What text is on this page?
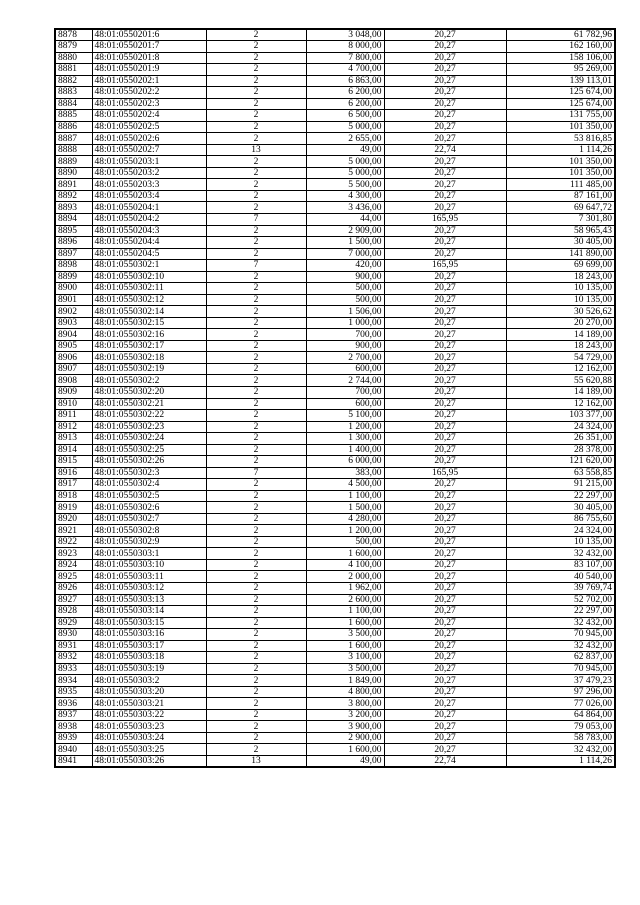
8878	48:01:0550201:6	2	3 048,00	20,27	61 782,96
8879	48:01:0550201:7	2	8 000,00	20,27	162 160,00
8880	48:01:0550201:8	2	7 800,00	20,27	158 106,00
8881	48:01:0550201:9	2	4 700,00	20,27	95 269,00
8882	48:01:0550202:1	2	6 863,00	20,27	139 113,01
8883	48:01:0550202:2	2	6 200,00	20,27	125 674,00
8884	48:01:0550202:3	2	6 200,00	20,27	125 674,00
8885	48:01:0550202:4	2	6 500,00	20,27	131 755,00
8886	48:01:0550202:5	2	5 000,00	20,27	101 350,00
8887	48:01:0550202:6	2	2 655,00	20,27	53 816,85
8888	48:01:0550202:7	13	49,00	22,74	1 114,26
8889	48:01:0550203:1	2	5 000,00	20,27	101 350,00
8890	48:01:0550203:2	2	5 000,00	20,27	101 350,00
8891	48:01:0550203:3	2	5 500,00	20,27	111 485,00
8892	48:01:0550203:4	2	4 300,00	20,27	87 161,00
8893	48:01:0550204:1	2	3 436,00	20,27	69 647,72
8894	48:01:0550204:2	7	44,00	165,95	7 301,80
8895	48:01:0550204:3	2	2 909,00	20,27	58 965,43
8896	48:01:0550204:4	2	1 500,00	20,27	30 405,00
8897	48:01:0550204:5	2	7 000,00	20,27	141 890,00
8898	48:01:0550302:1	7	420,00	165,95	69 699,00
8899	48:01:0550302:10	2	900,00	20,27	18 243,00
8900	48:01:0550302:11	2	500,00	20,27	10 135,00
8901	48:01:0550302:12	2	500,00	20,27	10 135,00
8902	48:01:0550302:14	2	1 506,00	20,27	30 526,62
8903	48:01:0550302:15	2	1 000,00	20,27	20 270,00
8904	48:01:0550302:16	2	700,00	20,27	14 189,00
8905	48:01:0550302:17	2	900,00	20,27	18 243,00
8906	48:01:0550302:18	2	2 700,00	20,27	54 729,00
8907	48:01:0550302:19	2	600,00	20,27	12 162,00
8908	48:01:0550302:2	2	2 744,00	20,27	55 620,88
8909	48:01:0550302:20	2	700,00	20,27	14 189,00
8910	48:01:0550302:21	2	600,00	20,27	12 162,00
8911	48:01:0550302:22	2	5 100,00	20,27	103 377,00
8912	48:01:0550302:23	2	1 200,00	20,27	24 324,00
8913	48:01:0550302:24	2	1 300,00	20,27	26 351,00
8914	48:01:0550302:25	2	1 400,00	20,27	28 378,00
8915	48:01:0550302:26	2	6 000,00	20,27	121 620,00
8916	48:01:0550302:3	7	383,00	165,95	63 558,85
8917	48:01:0550302:4	2	4 500,00	20,27	91 215,00
8918	48:01:0550302:5	2	1 100,00	20,27	22 297,00
8919	48:01:0550302:6	2	1 500,00	20,27	30 405,00
8920	48:01:0550302:7	2	4 280,00	20,27	86 755,60
8921	48:01:0550302:8	2	1 200,00	20,27	24 324,00
8922	48:01:0550302:9	2	500,00	20,27	10 135,00
8923	48:01:0550303:1	2	1 600,00	20,27	32 432,00
8924	48:01:0550303:10	2	4 100,00	20,27	83 107,00
8925	48:01:0550303:11	2	2 000,00	20,27	40 540,00
8926	48:01:0550303:12	2	1 962,00	20,27	39 769,74
8927	48:01:0550303:13	2	2 600,00	20,27	52 702,00
8928	48:01:0550303:14	2	1 100,00	20,27	22 297,00
8929	48:01:0550303:15	2	1 600,00	20,27	32 432,00
8930	48:01:0550303:16	2	3 500,00	20,27	70 945,00
8931	48:01:0550303:17	2	1 600,00	20,27	32 432,00
8932	48:01:0550303:18	2	3 100,00	20,27	62 837,00
8933	48:01:0550303:19	2	3 500,00	20,27	70 945,00
8934	48:01:0550303:2	2	1 849,00	20,27	37 479,23
8935	48:01:0550303:20	2	4 800,00	20,27	97 296,00
8936	48:01:0550303:21	2	3 800,00	20,27	77 026,00
8937	48:01:0550303:22	2	3 200,00	20,27	64 864,00
8938	48:01:0550303:23	2	3 900,00	20,27	79 053,00
8939	48:01:0550303:24	2	2 900,00	20,27	58 783,00
8940	48:01:0550303:25	2	1 600,00	20,27	32 432,00
8941	48:01:0550303:26	13	49,00	22,74	1 114,26
